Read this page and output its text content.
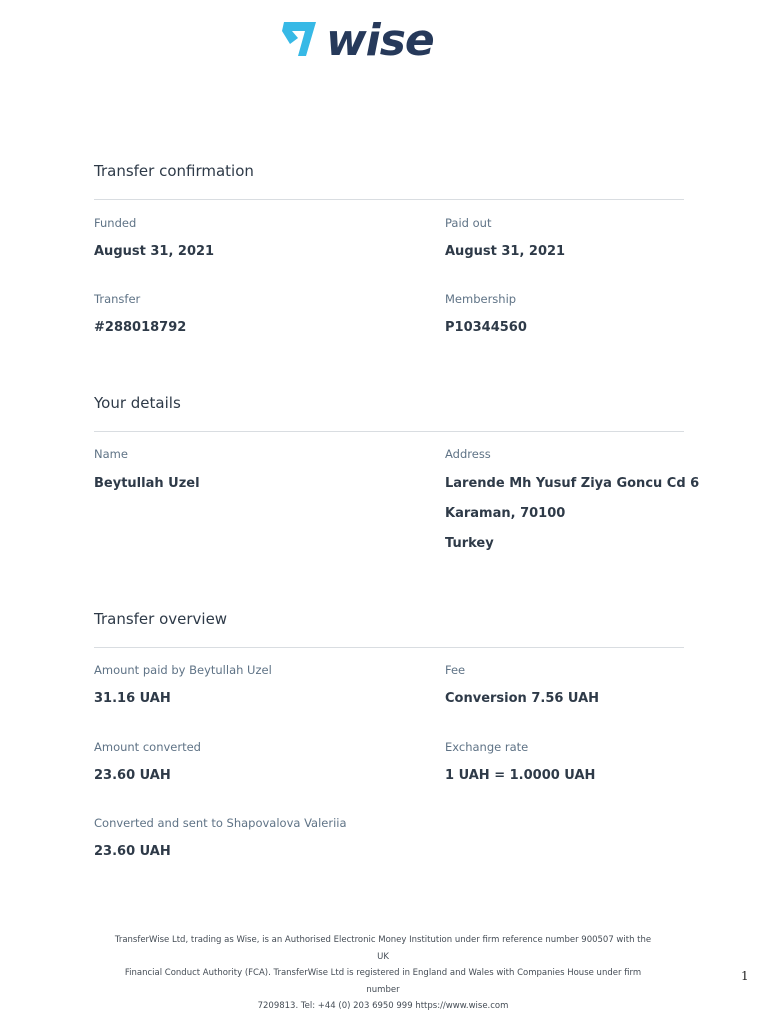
wise
Transfer confirmation
Funded
August 31, 2021
Paid out
August 31, 2021
Transfer
#288018792
Membership
P10344560
Your details
Name
Beytullah Uzel
Address
Larende Mh Yusuf Ziya Goncu Cd 6
Karaman, 70100
Turkey
Transfer overview
Amount paid by Beytullah Uzel
31.16 UAH
Fee
Conversion 7.56 UAH
Amount converted
23.60 UAH
Exchange rate
1 UAH = 1.0000 UAH
Converted and sent to Shapovalova Valeriia
23.60 UAH
TransferWise Ltd, trading as Wise, is an Authorised Electronic Money Institution under firm reference number 900507 with the UK
Financial Conduct Authority (FCA). TransferWise Ltd is registered in England and Wales with Companies House under firm number
7209813. Tel: +44 (0) 203 6950 999 https://www.wise.com
1
